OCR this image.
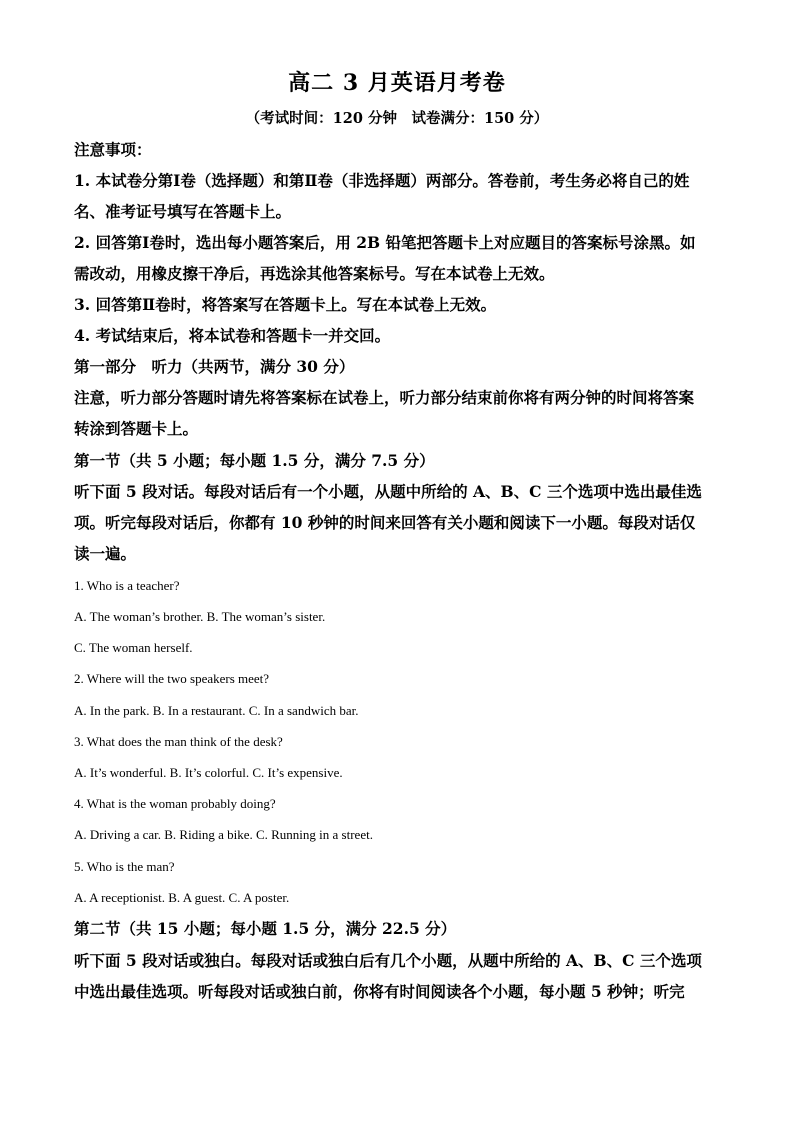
高二 3 月英语月考卷
（考试时间：120 分钟　试卷满分：150 分）
注意事项：
1. 本试卷分第Ⅰ卷（选择题）和第Ⅱ卷（非选择题）两部分。答卷前，考生务必将自己的姓
名、准考证号填写在答题卡上。
2. 回答第Ⅰ卷时，选出每小题答案后，用 2B 铅笔把答题卡上对应题目的答案标号涂黑。如
需改动，用橡皮擦干净后，再选涂其他答案标号。写在本试卷上无效。
3. 回答第Ⅱ卷时，将答案写在答题卡上。写在本试卷上无效。
4. 考试结束后，将本试卷和答题卡一并交回。
第一部分　听力（共两节，满分 30 分）
注意，听力部分答题时请先将答案标在试卷上，听力部分结束前你将有两分钟的时间将答案
转涂到答题卡上。
第一节（共 5 小题；每小题 1.5 分，满分 7.5 分）
听下面 5 段对话。每段对话后有一个小题，从题中所给的 A、B、C 三个选项中选出最佳选
项。听完每段对话后，你都有 10 秒钟的时间来回答有关小题和阅读下一小题。每段对话仅
读一遍。
1. Who is a teacher?
A. The woman’s brother. B. The woman’s sister.
C. The woman herself.
2. Where will the two speakers meet?
A. In the park. B. In a restaurant. C. In a sandwich bar.
3. What does the man think of the desk?
A. It’s wonderful. B. It’s colorful. C. It’s expensive.
4. What is the woman probably doing?
A. Driving a car. B. Riding a bike. C. Running in a street.
5. Who is the man?
A. A receptionist. B. A guest. C. A poster.
第二节（共 15 小题；每小题 1.5 分，满分 22.5 分）
听下面 5 段对话或独白。每段对话或独白后有几个小题，从题中所给的 A、B、C 三个选项
中选出最佳选项。听每段对话或独白前，你将有时间阅读各个小题，每小题 5 秒钟；听完
